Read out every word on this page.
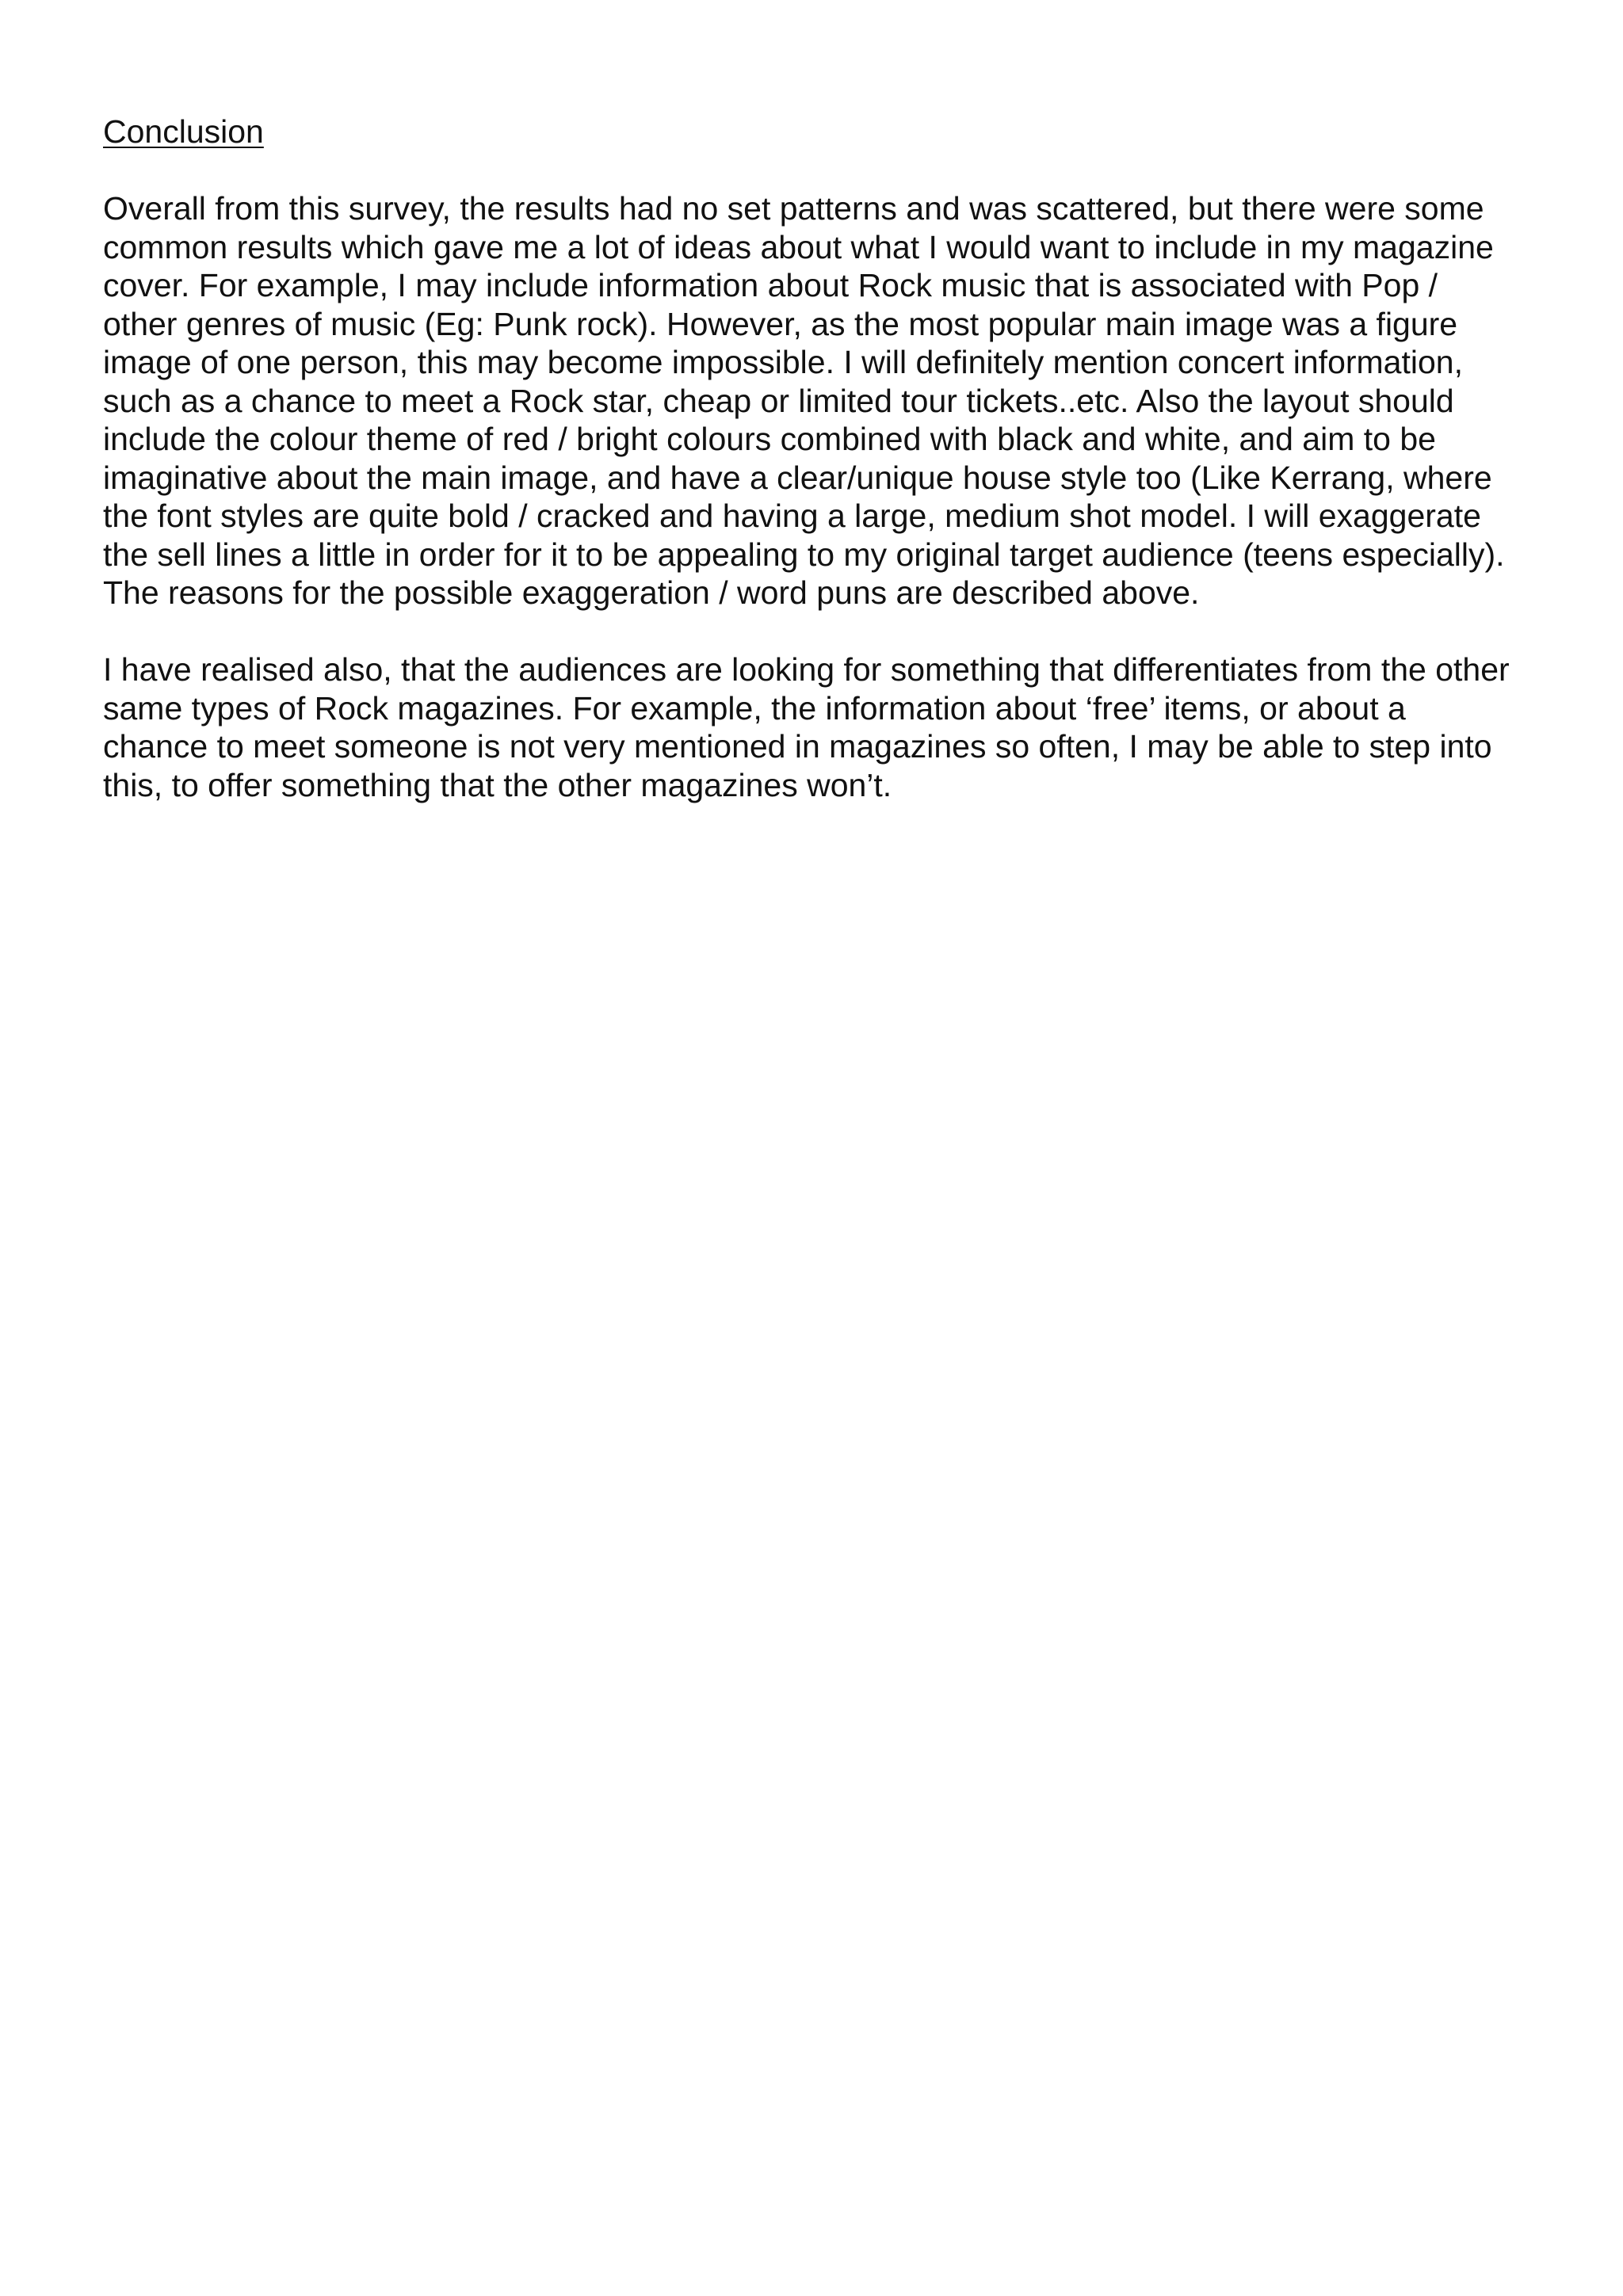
Conclusion

Overall from this survey, the results had no set patterns and was scattered, but there were some
common results which gave me a lot of ideas about what I would want to include in my magazine
cover. For example, I may include information about Rock music that is associated with Pop /
other genres of music (Eg: Punk rock). However, as the most popular main image was a figure
image of one person, this may become impossible. I will definitely mention concert information,
such as a chance to meet a Rock star, cheap or limited tour tickets..etc. Also the layout should
include the colour theme of red / bright colours combined with black and white, and aim to be
imaginative about the main image, and have a clear/unique house style too (Like Kerrang, where
the font styles are quite bold / cracked and having a large, medium shot model. I will exaggerate
the sell lines a little in order for it to be appealing to my original target audience (teens especially).
The reasons for the possible exaggeration / word puns are described above.

I have realised also, that the audiences are looking for something that differentiates from the other
same types of Rock magazines. For example, the information about ‘free’ items, or about a
chance to meet someone is not very mentioned in magazines so often, I may be able to step into
this, to offer something that the other magazines won’t.
